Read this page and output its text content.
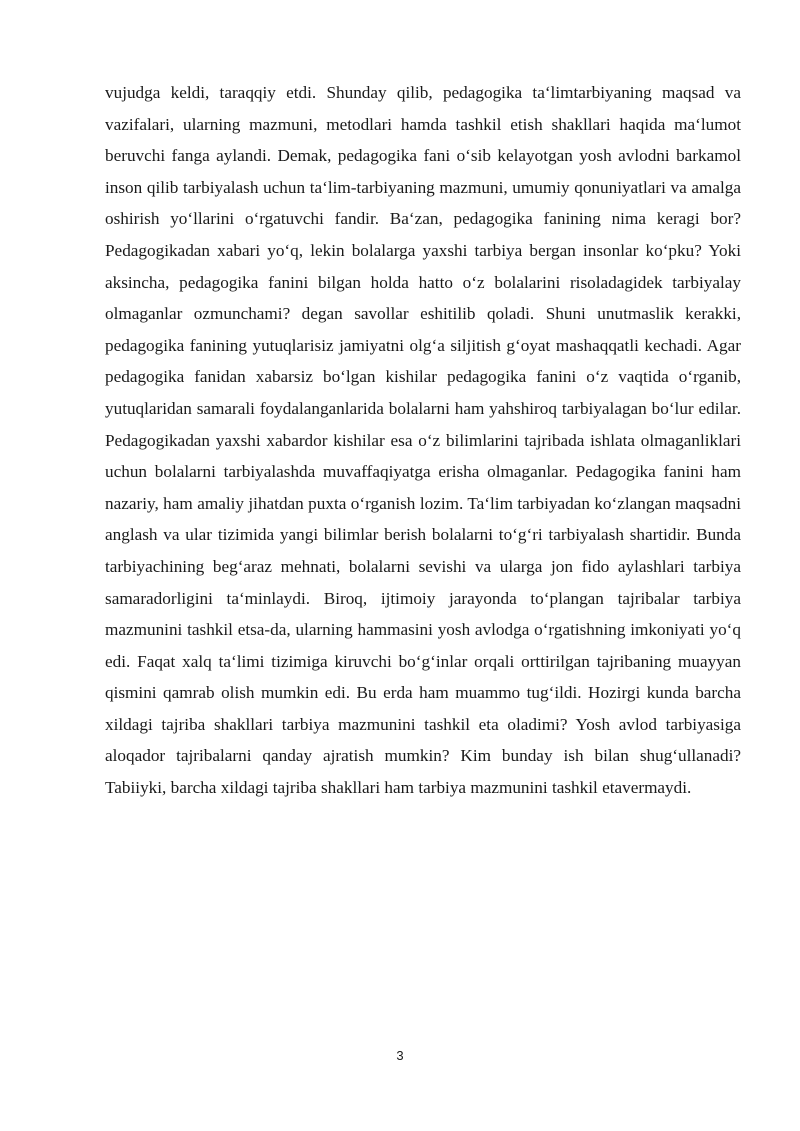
vujudga keldi, taraqqiy etdi. Shunday qilib, pedagogika ta‘limtarbiyaning maqsad va vazifalari, ularning mazmuni, metodlari hamda tashkil etish shakllari haqida ma‘lumot beruvchi fanga aylandi. Demak, pedagogika fani o‘sib kelayotgan yosh avlodni barkamol inson qilib tarbiyalash uchun ta‘lim-tarbiyaning mazmuni, umumiy qonuniyatlari va amalga oshirish yo‘llarini o‘rgatuvchi fandir. Ba‘zan, pedagogika fanining nima keragi bor? Pedagogikadan xabari yo‘q, lekin bolalarga yaxshi tarbiya bergan insonlar ko‘pku? Yoki aksincha, pedagogika fanini bilgan holda hatto o‘z bolalarini risoladagidek tarbiyalay olmaganlar ozmunchami? degan savollar eshitilib qoladi. Shuni unutmaslik kerakki, pedagogika fanining yutuqlarisiz jamiyatni olg‘a siljitish g‘oyat mashaqqatli kechadi. Agar pedagogika fanidan xabarsiz bo‘lgan kishilar pedagogika fanini o‘z vaqtida o‘rganib, yutuqlaridan samarali foydalanganlarida bolalarni ham yahshiroq tarbiyalagan bo‘lur edilar. Pedagogikadan yaxshi xabardor kishilar esa o‘z bilimlarini tajribada ishlata olmaganliklari uchun bolalarni tarbiyalashda muvaffaqiyatga erisha olmaganlar. Pedagogika fanini ham nazariy, ham amaliy jihatdan puxta o‘rganish lozim. Ta‘lim tarbiyadan ko‘zlangan maqsadni anglash va ular tizimida yangi bilimlar berish bolalarni to‘g‘ri tarbiyalash shartidir. Bunda tarbiyachining beg‘araz mehnati, bolalarni sevishi va ularga jon fido aylashlari tarbiya samaradorligini ta‘minlaydi. Biroq, ijtimoiy jarayonda to‘plangan tajribalar tarbiya mazmunini tashkil etsa-da, ularning hammasini yosh avlodga o‘rgatishning imkoniyati yo‘q edi. Faqat xalq ta‘limi tizimiga kiruvchi bo‘g‘inlar orqali orttirilgan tajribaning muayyan qismini qamrab olish mumkin edi. Bu erda ham muammo tug‘ildi. Hozirgi kunda barcha xildagi tajriba shakllari tarbiya mazmunini tashkil eta oladimi? Yosh avlod tarbiyasiga aloqador tajribalarni qanday ajratish mumkin? Kim bunday ish bilan shug‘ullanadi? Tabiiyki, barcha xildagi tajriba shakllari ham tarbiya mazmunini tashkil etavermaydi.

3
